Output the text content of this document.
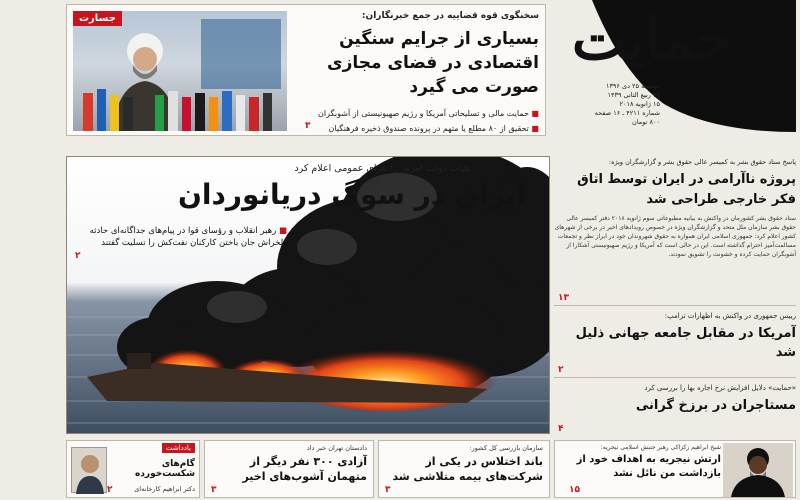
جسارت	سخنگوی قوه قضاییه در جمع خبرنگاران:
بسیاری از جرایم سنگین اقتصادی در فضای مجازی صورت می گیرد
■ حمایت مالی و تسلیحاتی آمریکا و رژیم صهیونیستی از آشوبگران
■ تحقیق از ۸۰ مطلع یا متهم در پرونده صندوق ذخیره فرهنگیان
۳
حمایت
دوشنبه ۲۵ دی ۱۳۹۶
۲۷ ربیع الثانی ۱۴۳۹
۱۵ ژانویه ۲۰۱۸
شماره ۴۲۱۱ ـ ۱۶ صفحه
۸۰۰ تومان
هیات دولت امروز را عزای عمومی اعلام کرد
ایران در سوگ دریانوردان
■ رهبر انقلاب و رؤسای قوا در پیام‌های جداگانه‌ای حادثه دلخراش جان باختن کارکنان نفت‌کش را تسلیت گفتند
۲
پاسخ ستاد حقوق بشر به کمیسر عالی حقوق بشر و گزارشگران ویژه:
پروژه ناآرامی در ایران توسط اتاق فکر خارجی طراحی شد
ستاد حقوق بشر کشورمان در واکنش به بیانیه مطبوعاتی سوم ژانویه ۲۰۱۸ دفتر کمیسر عالی حقوق بشر سازمان ملل متحد و گزارشگران ویژه در خصوص رویدادهای اخیر در برخی از شهرهای کشور اعلام کرد: جمهوری اسلامی ایران همواره به حقوق شهروندان خود در ابراز نظر و تجمعات مسالمت‌آمیز احترام گذاشته است. این در حالی است که آمریکا و رژیم صهیونیستی آشکارا از آشوبگران حمایت کرده و خشونت را تشویق نمودند.
۱۳
رییس جمهوری در واکنش به اظهارات ترامپ:
آمریکا در مقابل جامعه جهانی ذلیل شد
۲
«حمایت» دلایل افزایش نرخ اجاره بها را بررسی کرد
مستاجران در برزخ گرانی
۴
یادداشت
گام‌های شکست‌خورده
دکتر ابراهیم کارخانه‌ای
۲
دادستان تهران خبر داد
آزادی ۳۰۰ نفر دیگر از متهمان آشوب‌های اخیر
۳
سازمان بازرسی کل کشور:
باند اختلاس در یکی از شرکت‌های بیمه متلاشی شد
۳
شیخ ابراهیم زکزاکی رهبر جنبش اسلامی نیجریه:
ارتش نیجریه به اهداف خود از بازداشت من نائل نشد
۱۵
